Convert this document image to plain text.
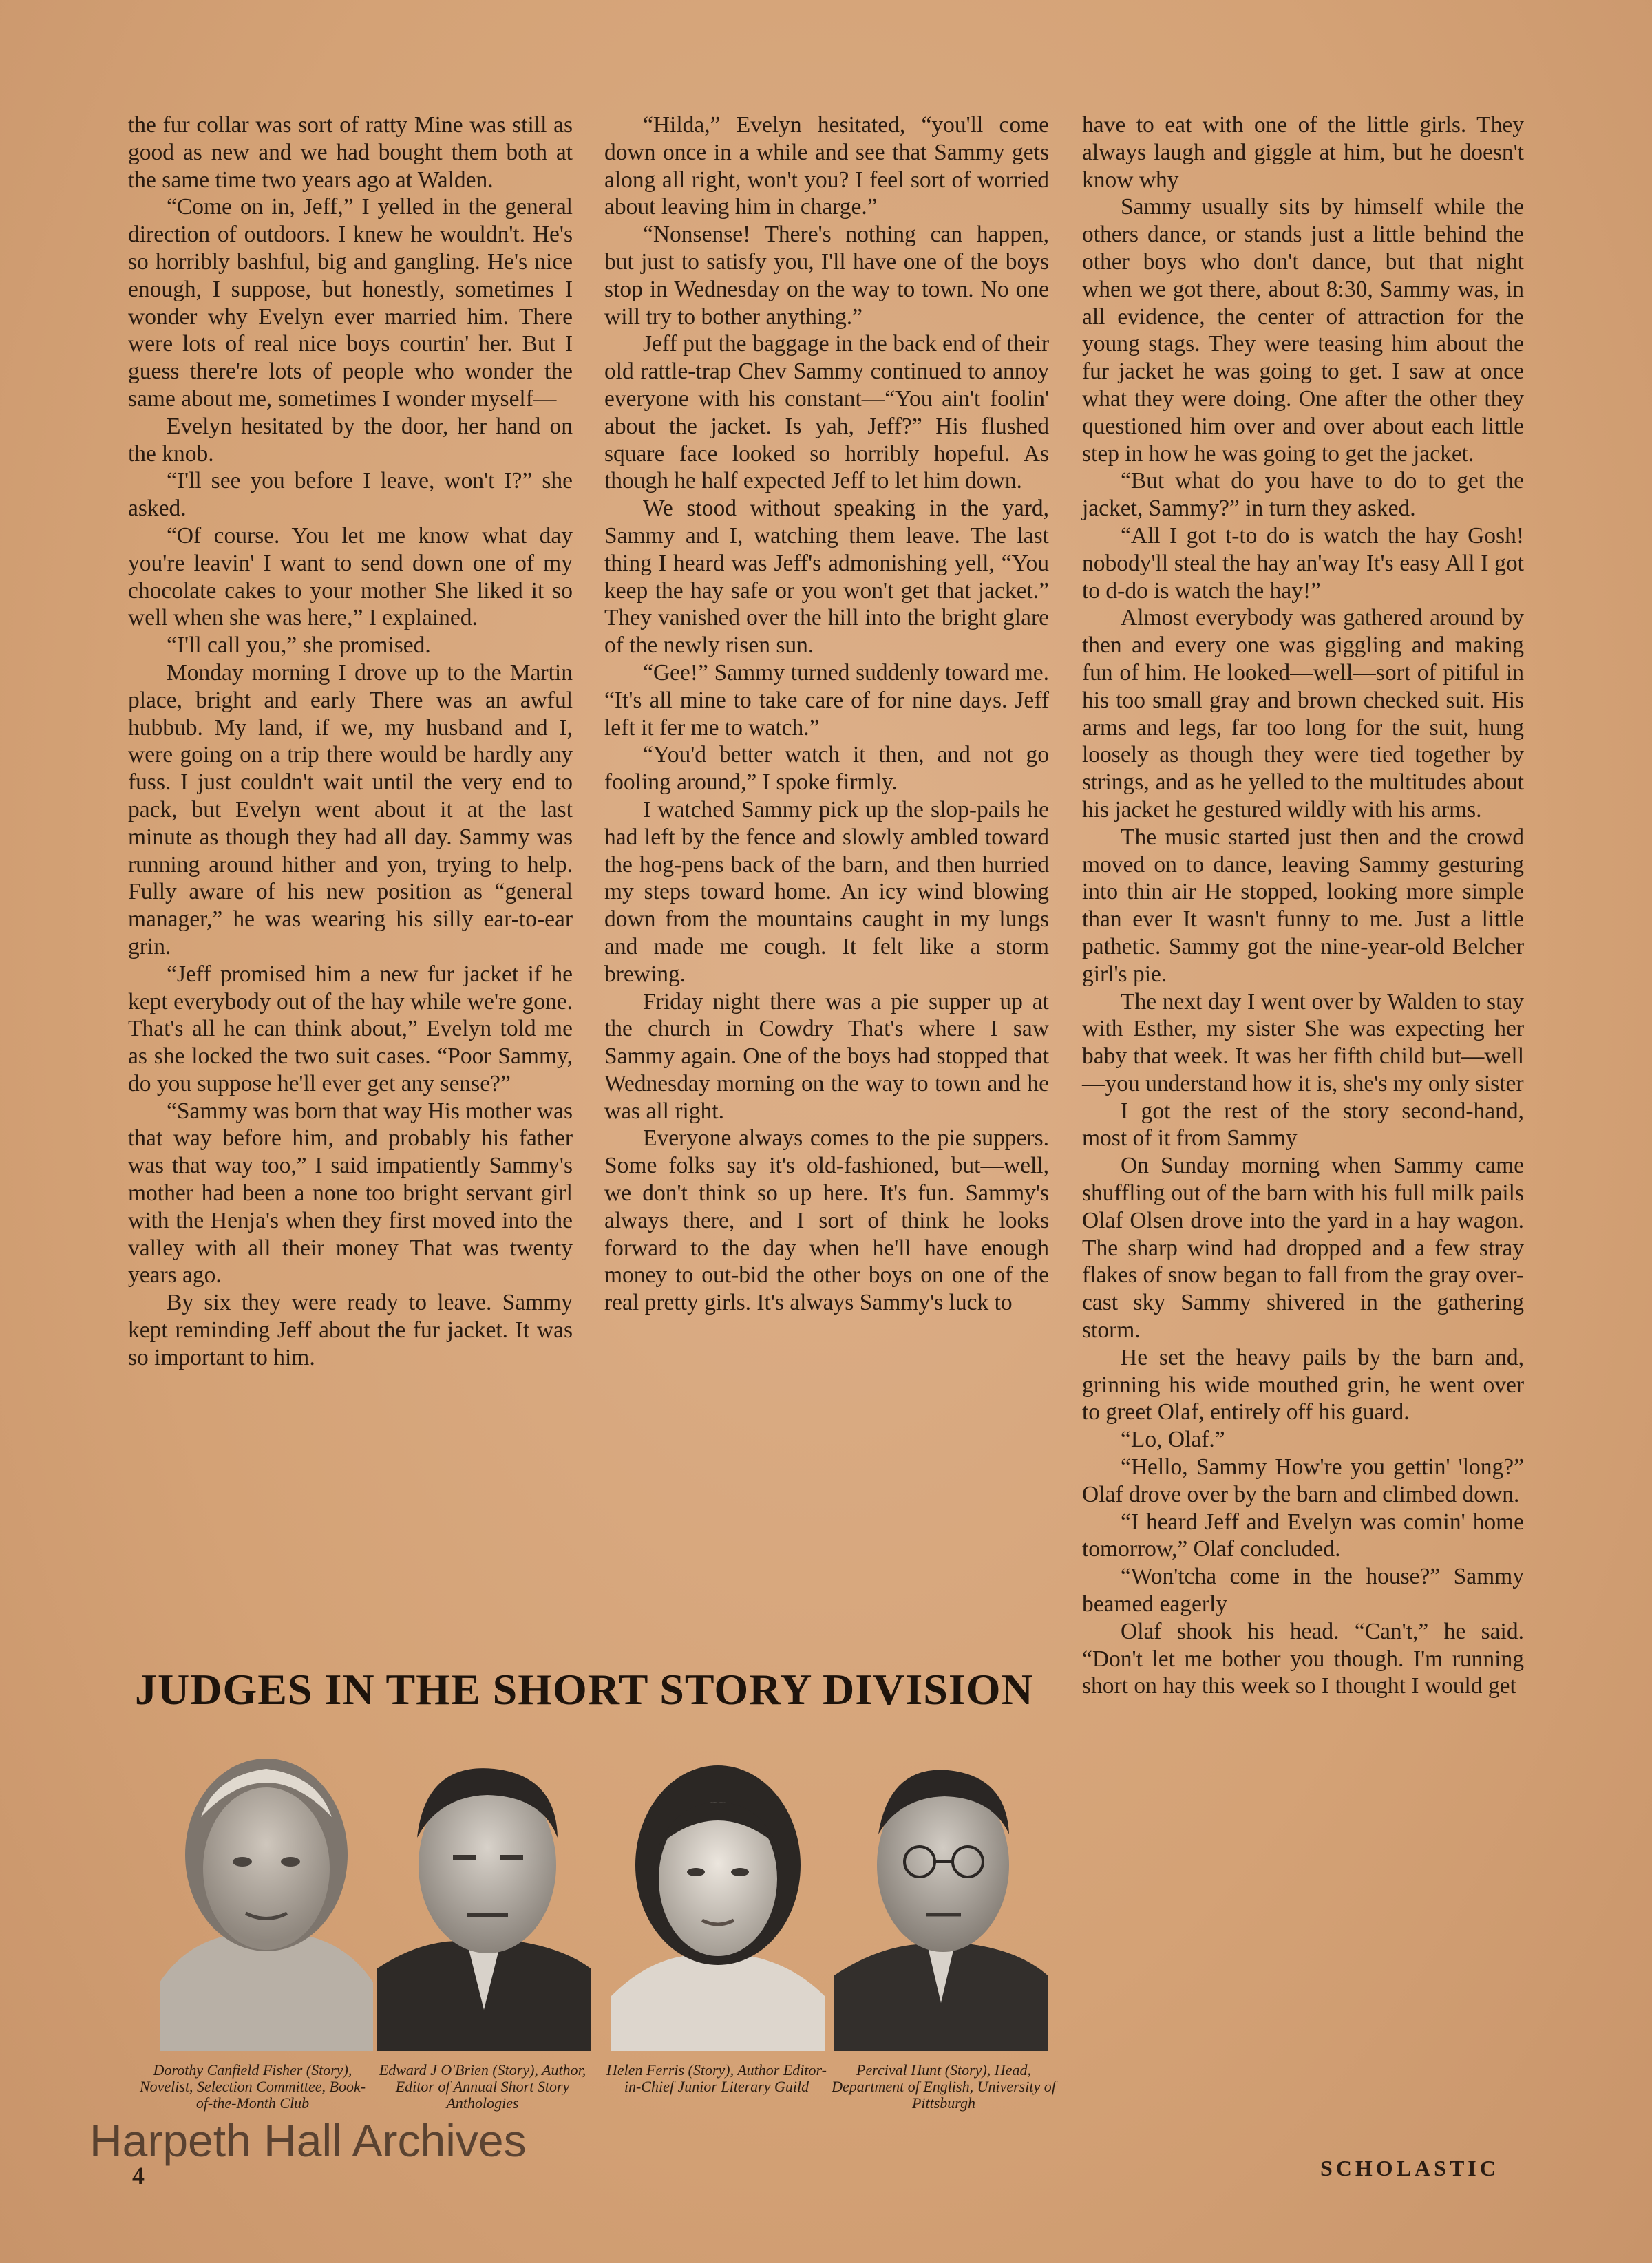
the fur collar was sort of ratty Mine was still as good as new and we had bought them both at the same time two years ago at Walden.

“Come on in, Jeff,” I yelled in the general direction of outdoors. I knew he wouldn't. He's so horribly bashful, big and gangling. He's nice enough, I suppose, but honestly, sometimes I wonder why Evelyn ever married him. There were lots of real nice boys courtin' her. But I guess there're lots of people who wonder the same about me, sometimes I wonder myself—

Evelyn hesitated by the door, her hand on the knob.

“I'll see you before I leave, won't I?” she asked.

“Of course. You let me know what day you're leavin' I want to send down one of my chocolate cakes to your mother She liked it so well when she was here,” I explained.

“I'll call you,” she promised.

Monday morning I drove up to the Martin place, bright and early There was an awful hubbub. My land, if we, my husband and I, were going on a trip there would be hardly any fuss. I just couldn't wait until the very end to pack, but Evelyn went about it at the last minute as though they had all day. Sammy was running around hither and yon, trying to help. Fully aware of his new position as “general manager,” he was wearing his silly ear-to-ear grin.

“Jeff promised him a new fur jacket if he kept everybody out of the hay while we're gone. That's all he can think about,” Evelyn told me as she locked the two suit cases. “Poor Sammy, do you suppose he'll ever get any sense?”

“Sammy was born that way His mother was that way before him, and probably his father was that way too,” I said impatiently Sammy's mother had been a none too bright servant girl with the Henja's when they first moved into the valley with all their money That was twenty years ago.

By six they were ready to leave. Sammy kept reminding Jeff about the fur jacket. It was so important to him.

“Hilda,” Evelyn hesitated, “you'll come down once in a while and see that Sammy gets along all right, won't you? I feel sort of worried about leaving him in charge.”

“Nonsense! There's nothing can happen, but just to satisfy you, I'll have one of the boys stop in Wednesday on the way to town. No one will try to bother anything.”

Jeff put the baggage in the back end of their old rattle-trap Chev Sammy continued to annoy everyone with his constant—“You ain't foolin' about the jacket. Is yah, Jeff?” His flushed square face looked so horribly hopeful. As though he half expected Jeff to let him down.

We stood without speaking in the yard, Sammy and I, watching them leave. The last thing I heard was Jeff's admonishing yell, “You keep the hay safe or you won't get that jacket.” They vanished over the hill into the bright glare of the newly risen sun.

“Gee!” Sammy turned suddenly toward me. “It's all mine to take care of for nine days. Jeff left it fer me to watch.”

“You'd better watch it then, and not go fooling around,” I spoke firmly.

I watched Sammy pick up the slop-pails he had left by the fence and slowly ambled toward the hog-pens back of the barn, and then hurried my steps toward home. An icy wind blowing down from the mountains caught in my lungs and made me cough. It felt like a storm brewing.

Friday night there was a pie supper up at the church in Cowdry That's where I saw Sammy again. One of the boys had stopped that Wednesday morning on the way to town and he was all right.

Everyone always comes to the pie suppers. Some folks say it's old-fashioned, but—well, we don't think so up here. It's fun. Sammy's always there, and I sort of think he looks forward to the day when he'll have enough money to out-bid the other boys on one of the real pretty girls. It's always Sammy's luck to

have to eat with one of the little girls. They always laugh and giggle at him, but he doesn't know why

Sammy usually sits by himself while the others dance, or stands just a little behind the other boys who don't dance, but that night when we got there, about 8:30, Sammy was, in all evidence, the center of attraction for the young stags. They were teasing him about the fur jacket he was going to get. I saw at once what they were doing. One after the other they questioned him over and over about each little step in how he was going to get the jacket.

“But what do you have to do to get the jacket, Sammy?” in turn they asked.

“All I got t-to do is watch the hay Gosh! nobody'll steal the hay an'way It's easy All I got to d-do is watch the hay!”

Almost everybody was gathered around by then and every one was giggling and making fun of him. He looked—well—sort of pitiful in his too small gray and brown checked suit. His arms and legs, far too long for the suit, hung loosely as though they were tied together by strings, and as he yelled to the multitudes about his jacket he gestured wildly with his arms.

The music started just then and the crowd moved on to dance, leaving Sammy gesturing into thin air He stopped, looking more simple than ever It wasn't funny to me. Just a little pathetic. Sammy got the nine-year-old Belcher girl's pie.

The next day I went over by Walden to stay with Esther, my sister She was expecting her baby that week. It was her fifth child but—well—you understand how it is, she's my only sister

I got the rest of the story second-hand, most of it from Sammy

On Sunday morning when Sammy came shuffling out of the barn with his full milk pails Olaf Olsen drove into the yard in a hay wagon. The sharp wind had dropped and a few stray flakes of snow began to fall from the gray over-cast sky Sammy shivered in the gathering storm.

He set the heavy pails by the barn and, grinning his wide mouthed grin, he went over to greet Olaf, entirely off his guard.

“Lo, Olaf.”

“Hello, Sammy How're you gettin' 'long?” Olaf drove over by the barn and climbed down.

“I heard Jeff and Evelyn was comin' home tomorrow,” Olaf concluded.

“Won'tcha come in the house?” Sammy beamed eagerly

Olaf shook his head. “Can't,” he said. “Don't let me bother you though. I'm running short on hay this week so I thought I would get

JUDGES IN THE SHORT STORY DIVISION
Dorothy Canfield Fisher (Story), Novelist, Selection Committee, Book-of-the-Month Club
Edward J O'Brien (Story), Author, Editor of Annual Short Story Anthologies
Helen Ferris (Story), Author Editor-in-Chief Junior Literary Guild
Percival Hunt (Story), Head, Department of English, University of Pittsburgh
Harpeth Hall Archives
4	SCHOLASTIC
